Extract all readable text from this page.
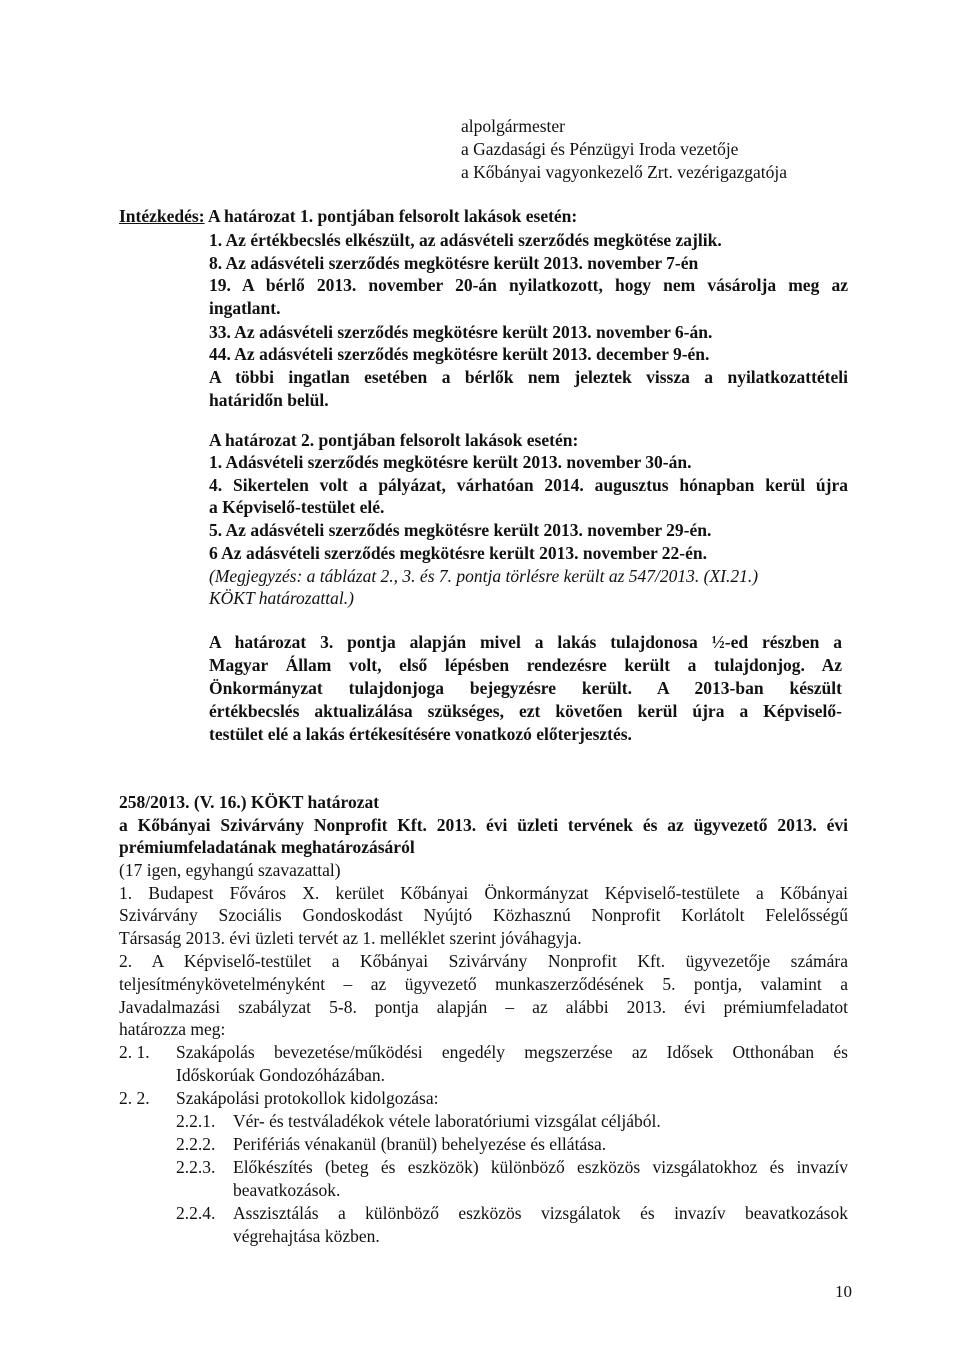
alpolgármester
a Gazdasági és Pénzügyi Iroda vezetője
a Kőbányai vagyonkezelő Zrt. vezérigazgatója
Intézkedés: A határozat 1. pontjában felsorolt lakások esetén:
1. Az értékbecslés elkészült, az adásvételi szerződés megkötése zajlik.
8. Az adásvételi szerződés megkötésre került 2013. november 7-én
19. A bérlő 2013. november 20-án nyilatkozott, hogy nem vásárolja meg az
ingatlant.
33. Az adásvételi szerződés megkötésre került 2013. november 6-án.
44. Az adásvételi szerződés megkötésre került 2013. december 9-én.
A többi ingatlan esetében a bérlők nem jeleztek vissza a nyilatkozattételi
határidőn belül.
A határozat 2. pontjában felsorolt lakások esetén:
1. Adásvételi szerződés megkötésre került 2013. november 30-án.
4. Sikertelen volt a pályázat, várhatóan 2014. augusztus hónapban kerül újra
a Képviselő-testület elé.
5. Az adásvételi szerződés megkötésre került 2013. november 29-én.
6 Az adásvételi szerződés megkötésre került 2013. november 22-én.
(Megjegyzés: a táblázat 2., 3. és 7. pontja törlésre került az 547/2013. (XI.21.)
KÖKT határozattal.)
A határozat 3. pontja alapján mivel a lakás tulajdonosa ½-ed részben a
Magyar Állam volt, első lépésben rendezésre került a tulajdonjog. Az
Önkormányzat tulajdonjoga bejegyzésre került. A 2013-ban készült
értékbecslés aktualizálása szükséges, ezt követően kerül újra a Képviselő-
testület elé a lakás értékesítésére vonatkozó előterjesztés.
258/2013. (V. 16.) KÖKT határozat
a Kőbányai Szivárvány Nonprofit Kft. 2013. évi üzleti tervének és az ügyvezető 2013. évi
prémiumfeladatának meghatározásáról
(17 igen, egyhangú szavazattal)
1. Budapest Főváros X. kerület Kőbányai Önkormányzat Képviselő-testülete a Kőbányai
Szivárvány Szociális Gondoskodást Nyújtó Közhasznú Nonprofit Korlátolt Felelősségű
Társaság 2013. évi üzleti tervét az 1. melléklet szerint jóváhagyja.
2. A Képviselő-testület a Kőbányai Szivárvány Nonprofit Kft. ügyvezetője számára
teljesítménykövetelményként – az ügyvezető munkaszerződésének 5. pontja, valamint a
Javadalmazási szabályzat 5-8. pontja alapján – az alábbi 2013. évi prémiumfeladatot
határozza meg:
2. 1. Szakápolás bevezetése/működési engedély megszerzése az Idősek Otthonában és
Időskorúak Gondozóházában.
2. 2. Szakápolási protokollok kidolgozása:
2.2.1. Vér- és testváladékok vétele laboratóriumi vizsgálat céljából.
2.2.2. Perifériás vénakanül (branül) behelyezése és ellátása.
2.2.3. Előkészítés (beteg és eszközök) különböző eszközös vizsgálatokhoz és invazív
beavatkozások.
2.2.4. Asszisztálás a különböző eszközös vizsgálatok és invazív beavatkozások
végrehajtása közben.
10
